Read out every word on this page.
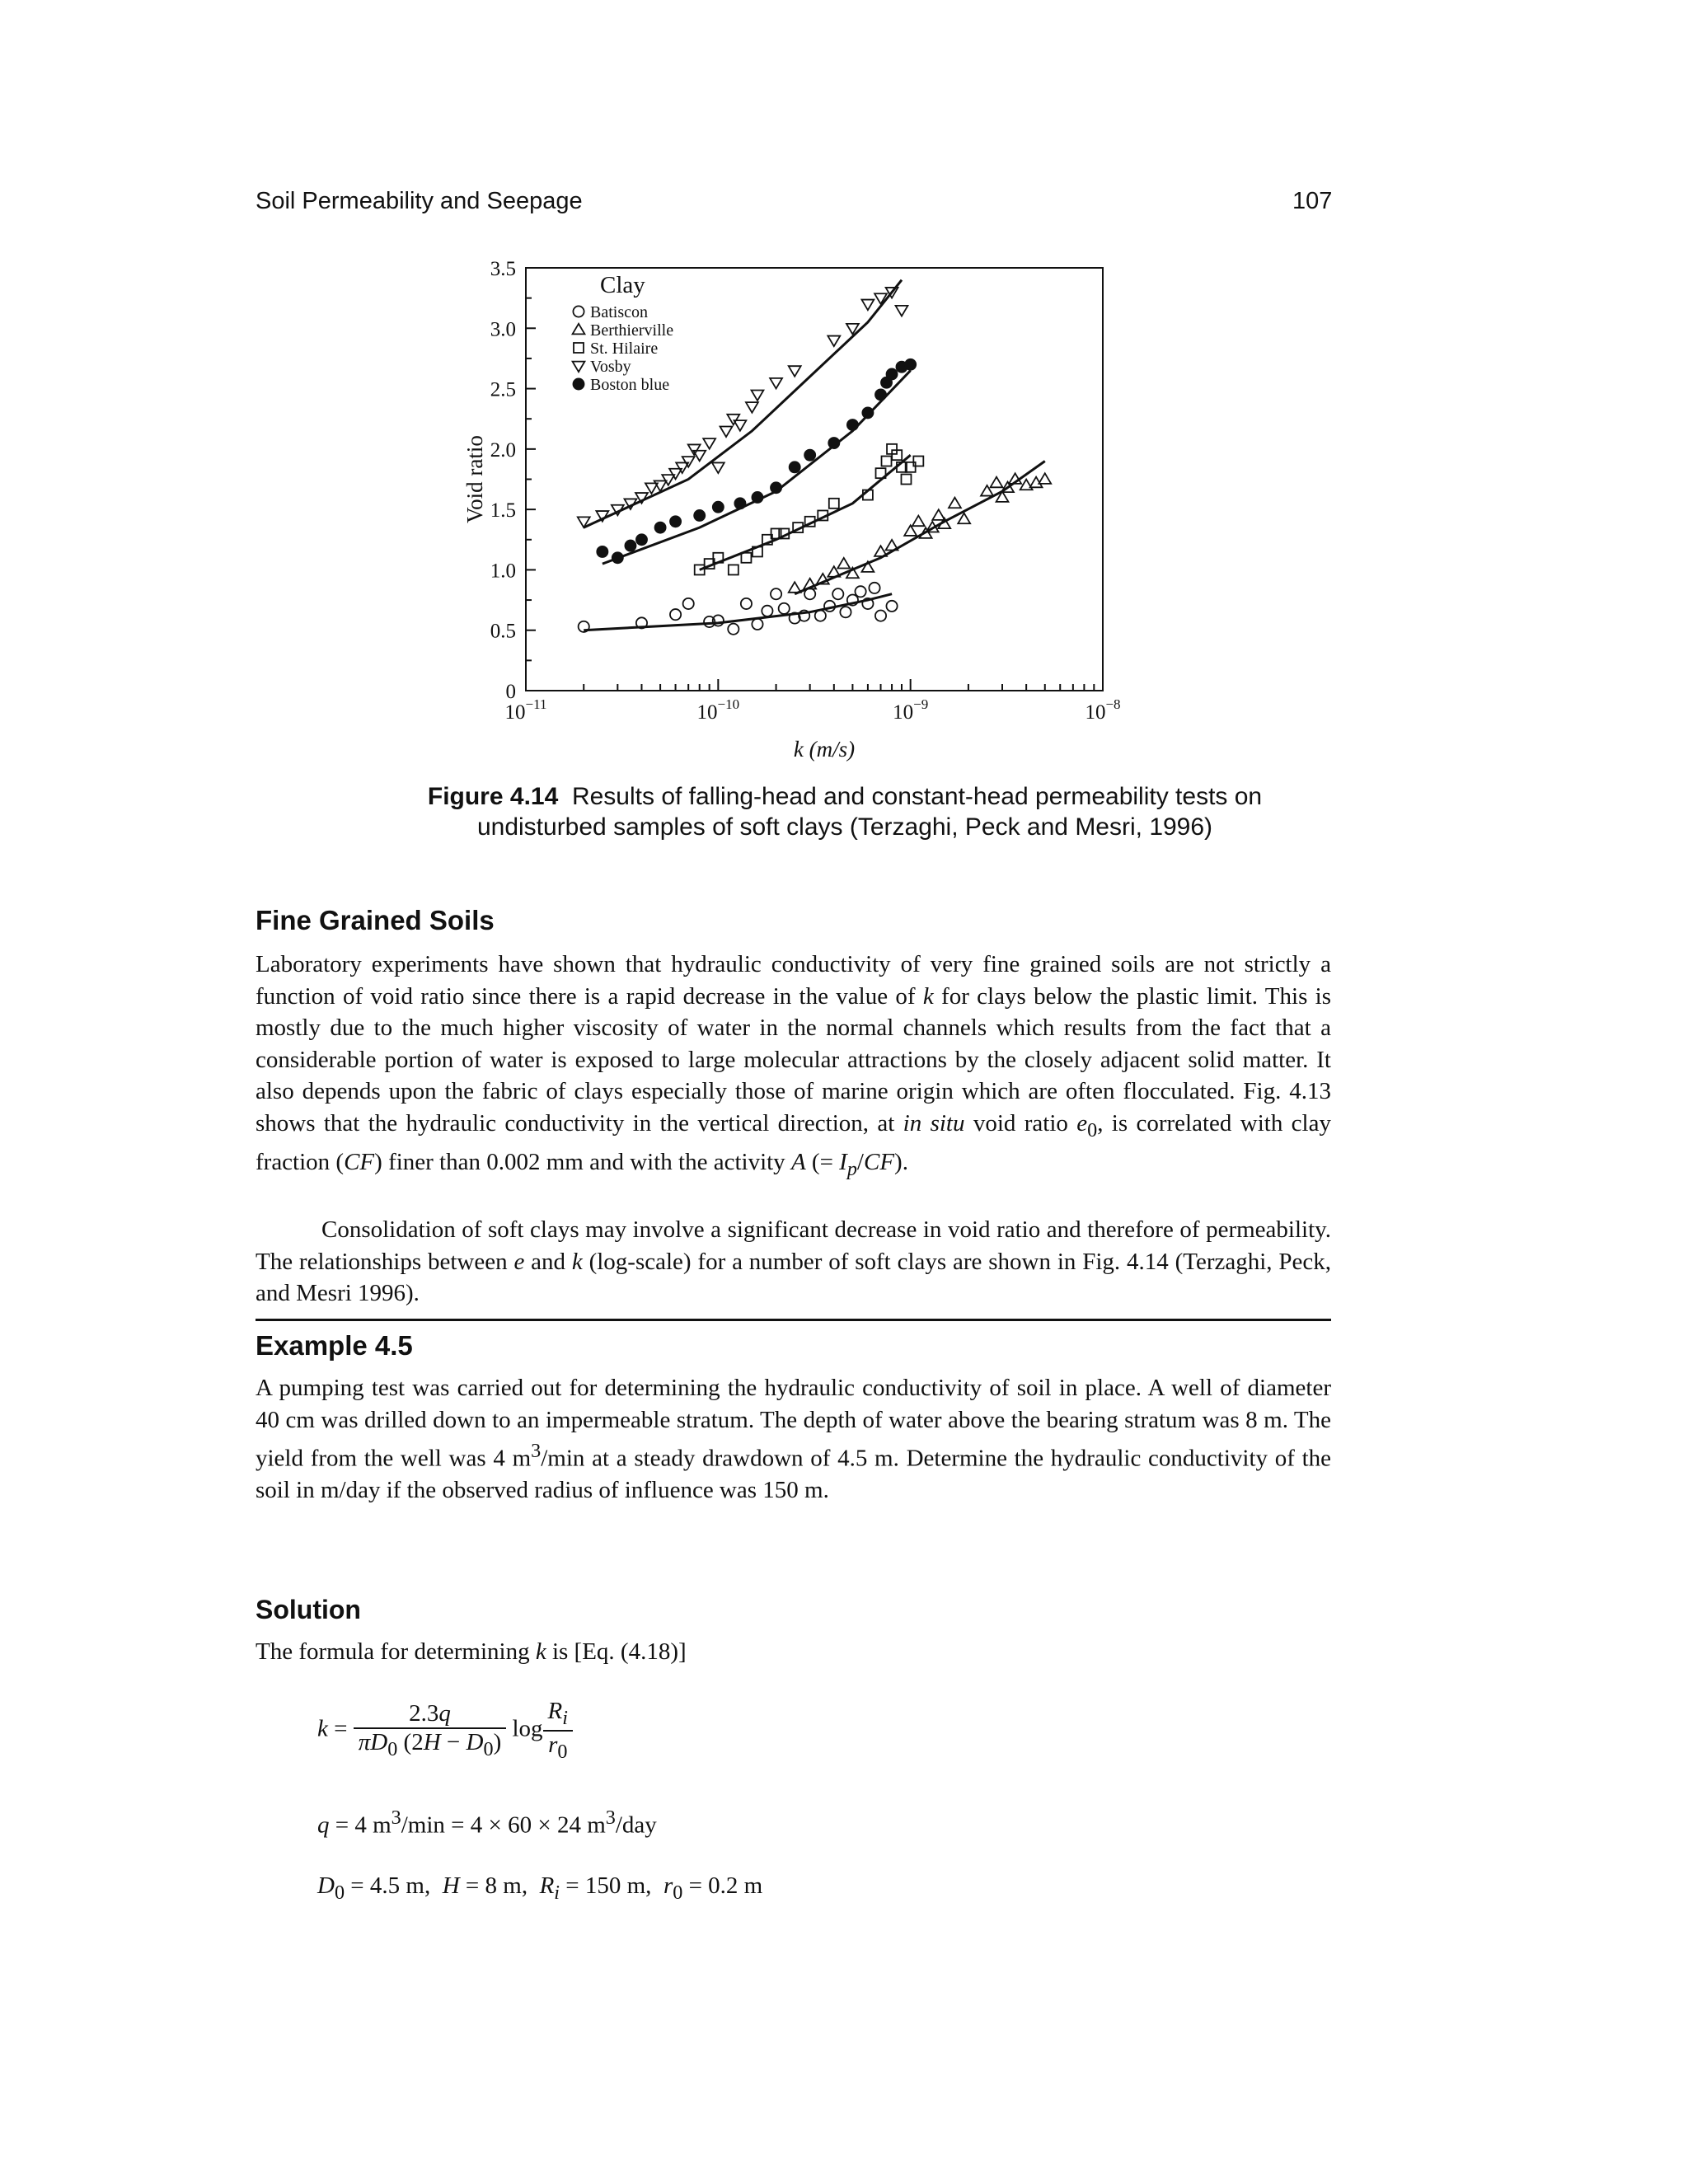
Soil Permeability and Seepage	107
0
0.5
1.0
1.5
2.0
2.5
3.0
3.5
$10^{-11}$	$10^{-10}$	$10^{-9}$	$10^{-8}$
k (m/s)
Void ratio
Clay
Batiscon
Berthierville
St. Hilaire
Vosby
Boston blue
Figure 4.14 Results of falling-head and constant-head permeability tests on
undisturbed samples of soft clays (Terzaghi, Peck and Mesri, 1996)
Fine Grained Soils
Laboratory experiments have shown that hydraulic conductivity of very fine grained soils are not strictly a function of void ratio since there is a rapid decrease in the value of k for clays below the plastic limit. This is mostly due to the much higher viscosity of water in the normal channels which results from the fact that a considerable portion of water is exposed to large molecular attractions by the closely adjacent solid matter. It also depends upon the fabric of clays especially those of marine origin which are often flocculated. Fig. 4.13 shows that the hydraulic conductivity in the vertical direction, at in situ void ratio $e_0$, is correlated with clay fraction (CF) finer than 0.002 mm and with the activity A (= $I_p/CF$).
Consolidation of soft clays may involve a significant decrease in void ratio and therefore of permeability. The relationships between e and k (log-scale) for a number of soft clays are shown in Fig. 4.14 (Terzaghi, Peck, and Mesri 1996).
Example 4.5
A pumping test was carried out for determining the hydraulic conductivity of soil in place. A well of diameter 40 cm was drilled down to an impermeable stratum. The depth of water above the bearing stratum was 8 m. The yield from the well was 4 $m^3/\min$ at a steady drawdown of 4.5 m. Determine the hydraulic conductivity of the soil in m/day if the observed radius of influence was 150 m.
Solution
The formula for determining k is [Eq. (4.18)]
$k = \frac{2.3q}{\pi D_0 (2H - D_0)}$ $\log \frac{R_i}{r_0}$
q = 4 $m^3/\min = 4 \times 60 \times 24$ $m^3$/day
$D_0 = 4.5$ m,  H = 8 m,  $R_i = 150$ m,  $r_0 = 0.2$ m
